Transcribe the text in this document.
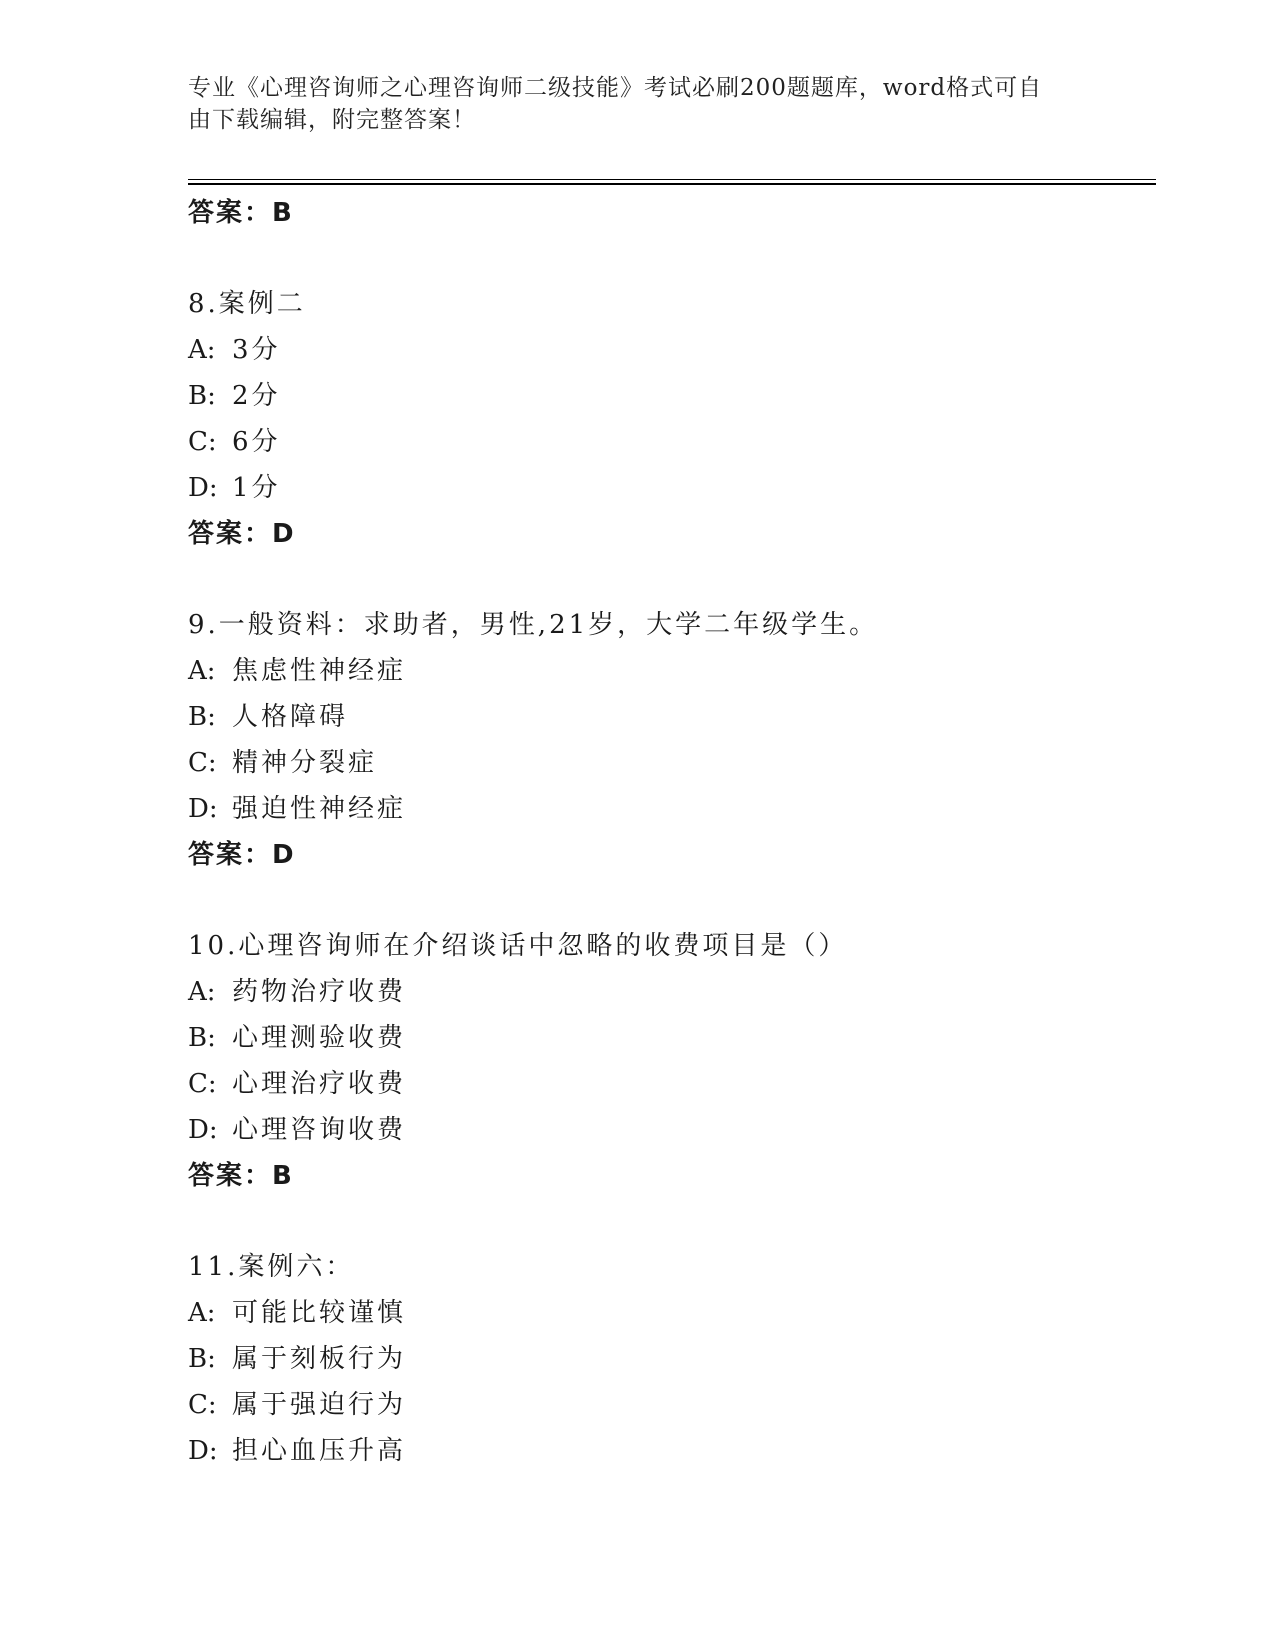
专业《心理咨询师之心理咨询师二级技能》考试必刷200题题库，word格式可自
由下载编辑，附完整答案！
答案：B
8.案例二
A: 3分
B: 2分
C: 6分
D: 1分
答案：D
9.一般资料：求助者，男性,21岁，大学二年级学生。
A: 焦虑性神经症
B: 人格障碍
C: 精神分裂症
D: 强迫性神经症
答案：D
10.心理咨询师在介绍谈话中忽略的收费项目是（）
A: 药物治疗收费
B: 心理测验收费
C: 心理治疗收费
D: 心理咨询收费
答案：B
11.案例六：
A: 可能比较谨慎
B: 属于刻板行为
C: 属于强迫行为
D: 担心血压升高
